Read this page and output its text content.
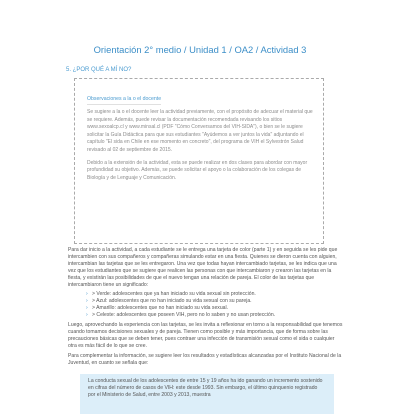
Orientación 2° medio / Unidad 1 / OA2 / Actividad 3
5. ¿POR QUÉ A MÍ NO?
Observaciones a la o el docente

Se sugiere a la o el docente leer la actividad previamente, con el propósito de adecuar el material que se requiere. Además, puede revisar la documentación recomendada revisando los sitios www.sexoalcp.cl y www.minsal.cl (PDF "Cómo Conversamos del VIH-SIDA"), o bien se le sugiere solicitar la Guía Didáctica para que sus estudiantes "Ayúdemos a ver juntos la vida" adjuntando el capítulo "El sida en Chile en ese momento en concreto", del programa de VIH el Sylvestrón Salud revisado al 02 de septiembre de 2015.

Debido a la extensión de la actividad, esta se puede realizar en dos clases para abordar con mayor profundidad su objetivo. Además, se puede solicitar el apoyo o la colaboración de los colegas de Biología y de Lenguaje y Comunicación.

Para dar inicio a la actividad, a cada estudiante se le entrega una tarjeta de color (parte 1) y en seguida se les pide que intercambien con sus compañeros y compañeras simulando estar en una fiesta. Quienes se dieron cuenta con alguien, intercambian las tarjetas que se les entregaron. Una vez que todas hayan intercambiado tarjetas, se les indica que una vez que los estudiantes que se sugiere que realicen las personas con que intercambiaron y crearon las tarjetas en la fiesta, y existirán las posibilidades de que el nuevo tengan una relación de pareja. El color de las tarjetas que intercambiaron tiene un significado:

› > Verde: adolescentes que ya han iniciado su vida sexual sin protección.
› > Azul: adolescentes que no han iniciado su vida sexual con su pareja.
› > Amarillo: adolescentes que no han iniciado su vida sexual.
› > Celeste: adolescentes que poseen VIH, pero no lo saben y no usan protección.

Luego, aprovechando la experiencia con las tarjetas, se les invita a reflexionar en torno a la responsabilidad que tenemos cuando tomamos decisiones sexuales y de pareja. Tienen como posible y más importancia, que de forma sobre las precauciones básicas que se deben tener, pues contraer una infección de transmisión sexual como el sida o cualquier otra es más fácil de lo que se cree.

Para complementar la información, se sugiere leer los resultados y estadísticas alcanzadas por el Instituto Nacional de la Juventud, en cuanto se señala que:

La conducta sexual de los adolescentes de entre 15 y 19 años ha ido ganando un incremento sostenido en cifras del número de casos de VIH: este desde 1993. Sin embargo, el último quinquenio registrado por el Ministerio de Salud, entre 2003 y 2013, muestra
